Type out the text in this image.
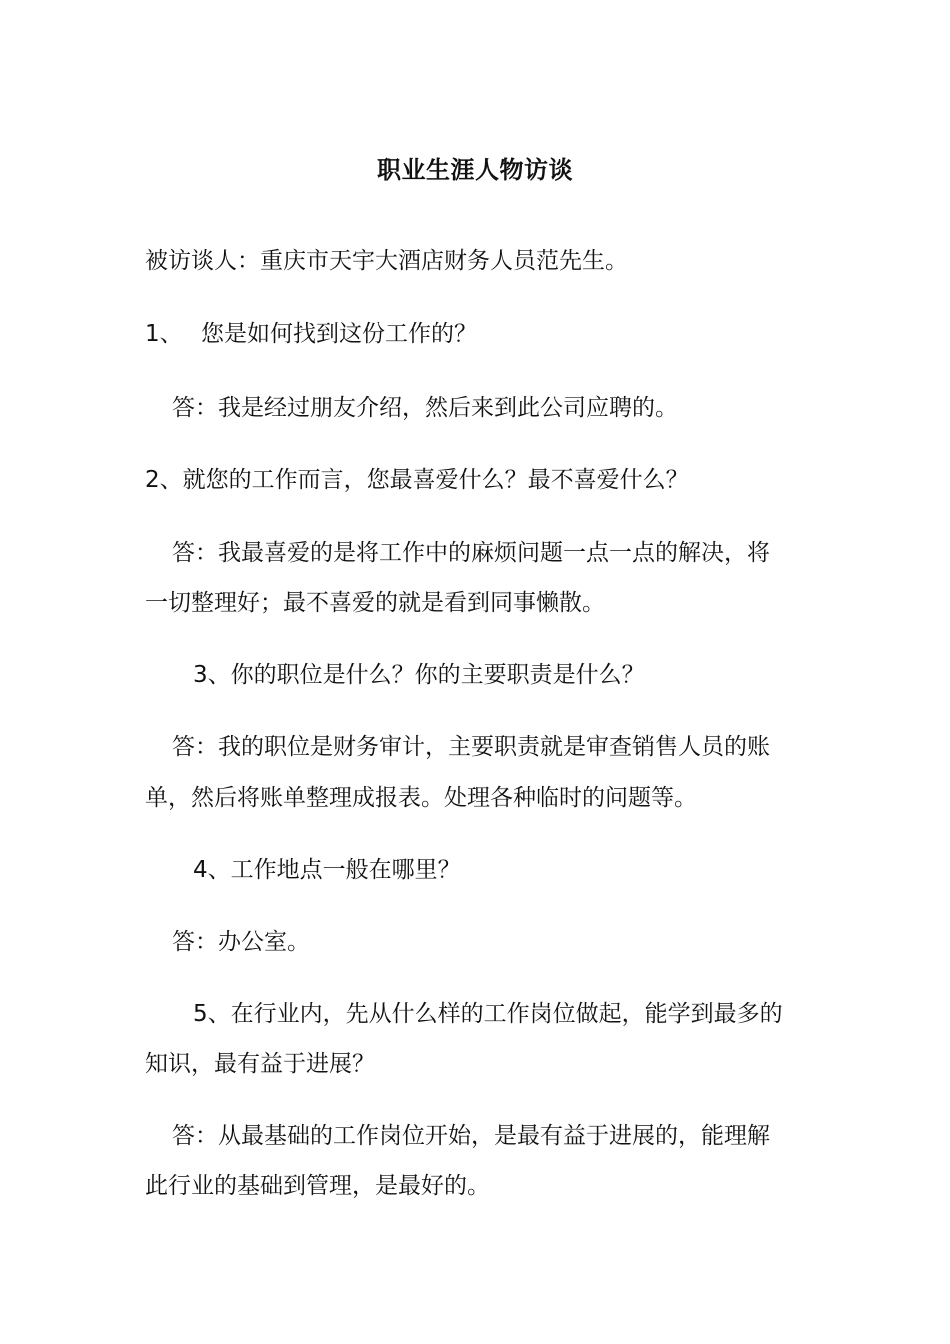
职业生涯人物访谈
被访谈人：重庆市天宇大酒店财务人员范先生。
1、 您是如何找到这份工作的？
答：我是经过朋友介绍，然后来到此公司应聘的。
2、就您的工作而言，您最喜爱什么？最不喜爱什么？
答：我最喜爱的是将工作中的麻烦问题一点一点的解决，将
一切整理好；最不喜爱的就是看到同事懒散。
3、你的职位是什么？你的主要职责是什么？
答：我的职位是财务审计，主要职责就是审查销售人员的账
单，然后将账单整理成报表。处理各种临时的问题等。
4、工作地点一般在哪里？
答：办公室。
5、在行业内，先从什么样的工作岗位做起，能学到最多的
知识，最有益于进展？
答：从最基础的工作岗位开始，是最有益于进展的，能理解
此行业的基础到管理，是最好的。
